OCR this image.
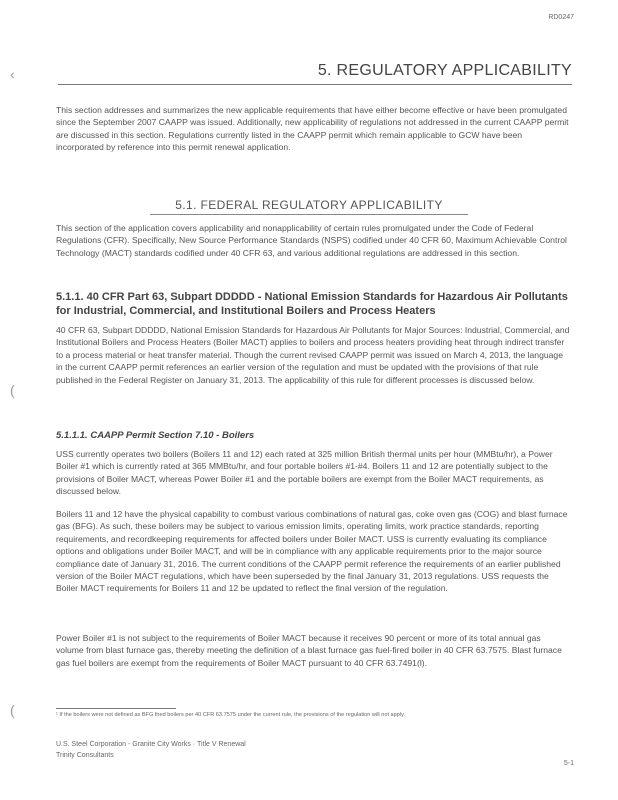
RD0247
‹
(
(
5. REGULATORY APPLICABILITY
This section addresses and summarizes the new applicable requirements that have either become effective or have been promulgated since the September 2007 CAAPP was issued. Additionally, new applicability of regulations not addressed in the current CAAPP permit are discussed in this section. Regulations currently listed in the CAAPP permit which remain applicable to GCW have been incorporated by reference into this permit renewal application.
5.1. FEDERAL REGULATORY APPLICABILITY
This section of the application covers applicability and nonapplicability of certain rules promulgated under the Code of Federal Regulations (CFR). Specifically, New Source Performance Standards (NSPS) codified under 40 CFR 60, Maximum Achievable Control Technology (MACT) standards codified under 40 CFR 63, and various additional regulations are addressed in this section.
5.1.1. 40 CFR Part 63, Subpart DDDDD - National Emission Standards for Hazardous Air Pollutants for Industrial, Commercial, and Institutional Boilers and Process Heaters
40 CFR 63, Subpart DDDDD, National Emission Standards for Hazardous Air Pollutants for Major Sources: Industrial, Commercial, and Institutional Boilers and Process Heaters (Boiler MACT) applies to boilers and process heaters providing heat through indirect transfer to a process material or heat transfer material. Though the current revised CAAPP permit was issued on March 4, 2013, the language in the current CAAPP permit references an earlier version of the regulation and must be updated with the provisions of that rule published in the Federal Register on January 31, 2013. The applicability of this rule for different processes is discussed below.
5.1.1.1. CAAPP Permit Section 7.10 - Boilers
USS currently operates two boilers (Boilers 11 and 12) each rated at 325 million British thermal units per hour (MMBtu/hr), a Power Boiler #1 which is currently rated at 365 MMBtu/hr, and four portable boilers #1-#4. Boilers 11 and 12 are potentially subject to the provisions of Boiler MACT, whereas Power Boiler #1 and the portable boilers are exempt from the Boiler MACT requirements, as discussed below.
Boilers 11 and 12 have the physical capability to combust various combinations of natural gas, coke oven gas (COG) and blast furnace gas (BFG). As such, these boilers may be subject to various emission limits, operating limits, work practice standards, reporting requirements, and recordkeeping requirements for affected boilers under Boiler MACT. USS is currently evaluating its compliance options and obligations under Boiler MACT, and will be in compliance with any applicable requirements prior to the major source compliance date of January 31, 2016. The current conditions of the CAAPP permit reference the requirements of an earlier published version of the Boiler MACT regulations, which have been superseded by the final January 31, 2013 regulations. USS requests the Boiler MACT requirements for Boilers 11 and 12 be updated to reflect the final version of the regulation.
Power Boiler #1 is not subject to the requirements of Boiler MACT because it receives 90 percent or more of its total annual gas volume from blast furnace gas, thereby meeting the definition of a blast furnace gas fuel-fired boiler in 40 CFR 63.7575. Blast furnace gas fuel boilers are exempt from the requirements of Boiler MACT pursuant to 40 CFR 63.7491(l).
¹ If the boilers were not defined as BFG fired boilers per 40 CFR 63.7575 under the current rule, the provisions of the regulation will not apply.
U.S. Steel Corporation - Granite City Works · Title V Renewal
Trinity Consultants
5-1
